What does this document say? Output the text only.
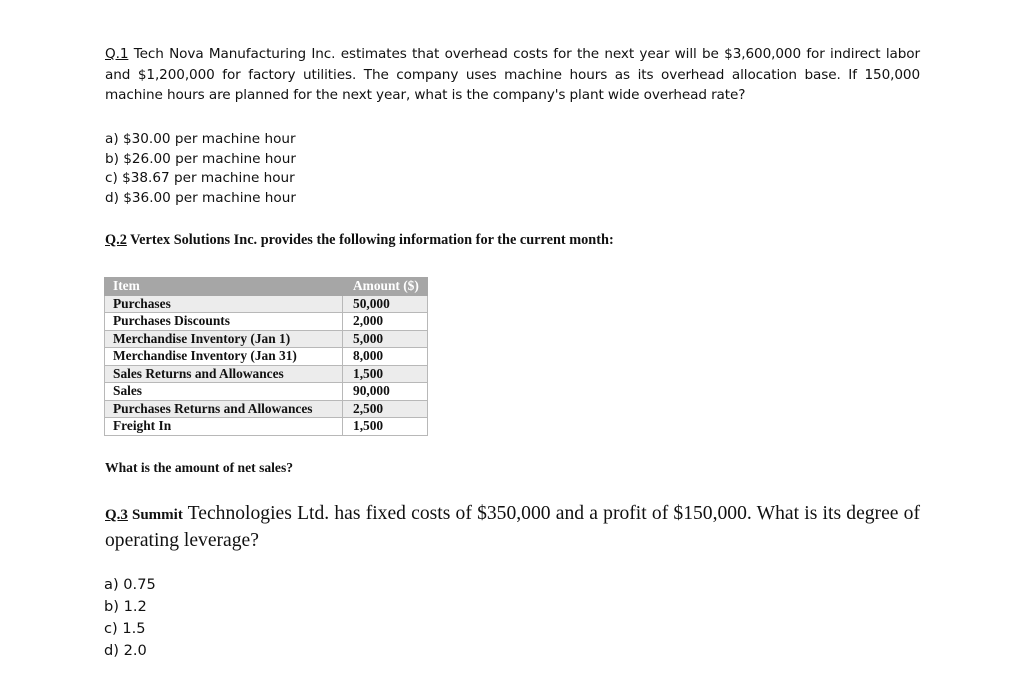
Q.1 Tech Nova Manufacturing Inc. estimates that overhead costs for the next year will be $3,600,000 for indirect labor and $1,200,000 for factory utilities. The company uses machine hours as its overhead allocation base. If 150,000 machine hours are planned for the next year, what is the company's plant wide overhead rate?
a) $30.00 per machine hour
b) $26.00 per machine hour
c) $38.67 per machine hour
d) $36.00 per machine hour
Q.2 Vertex Solutions Inc. provides the following information for the current month:
Item	Amount ($)
Purchases	50,000
Purchases Discounts	2,000
Merchandise Inventory (Jan 1)	5,000
Merchandise Inventory (Jan 31)	8,000
Sales Returns and Allowances	1,500
Sales	90,000
Purchases Returns and Allowances	2,500
Freight In	1,500
What is the amount of net sales?
Q.3 Summit Technologies Ltd. has fixed costs of $350,000 and a profit of $150,000. What is its degree of operating leverage?
a) 0.75
b) 1.2
c) 1.5
d) 2.0
